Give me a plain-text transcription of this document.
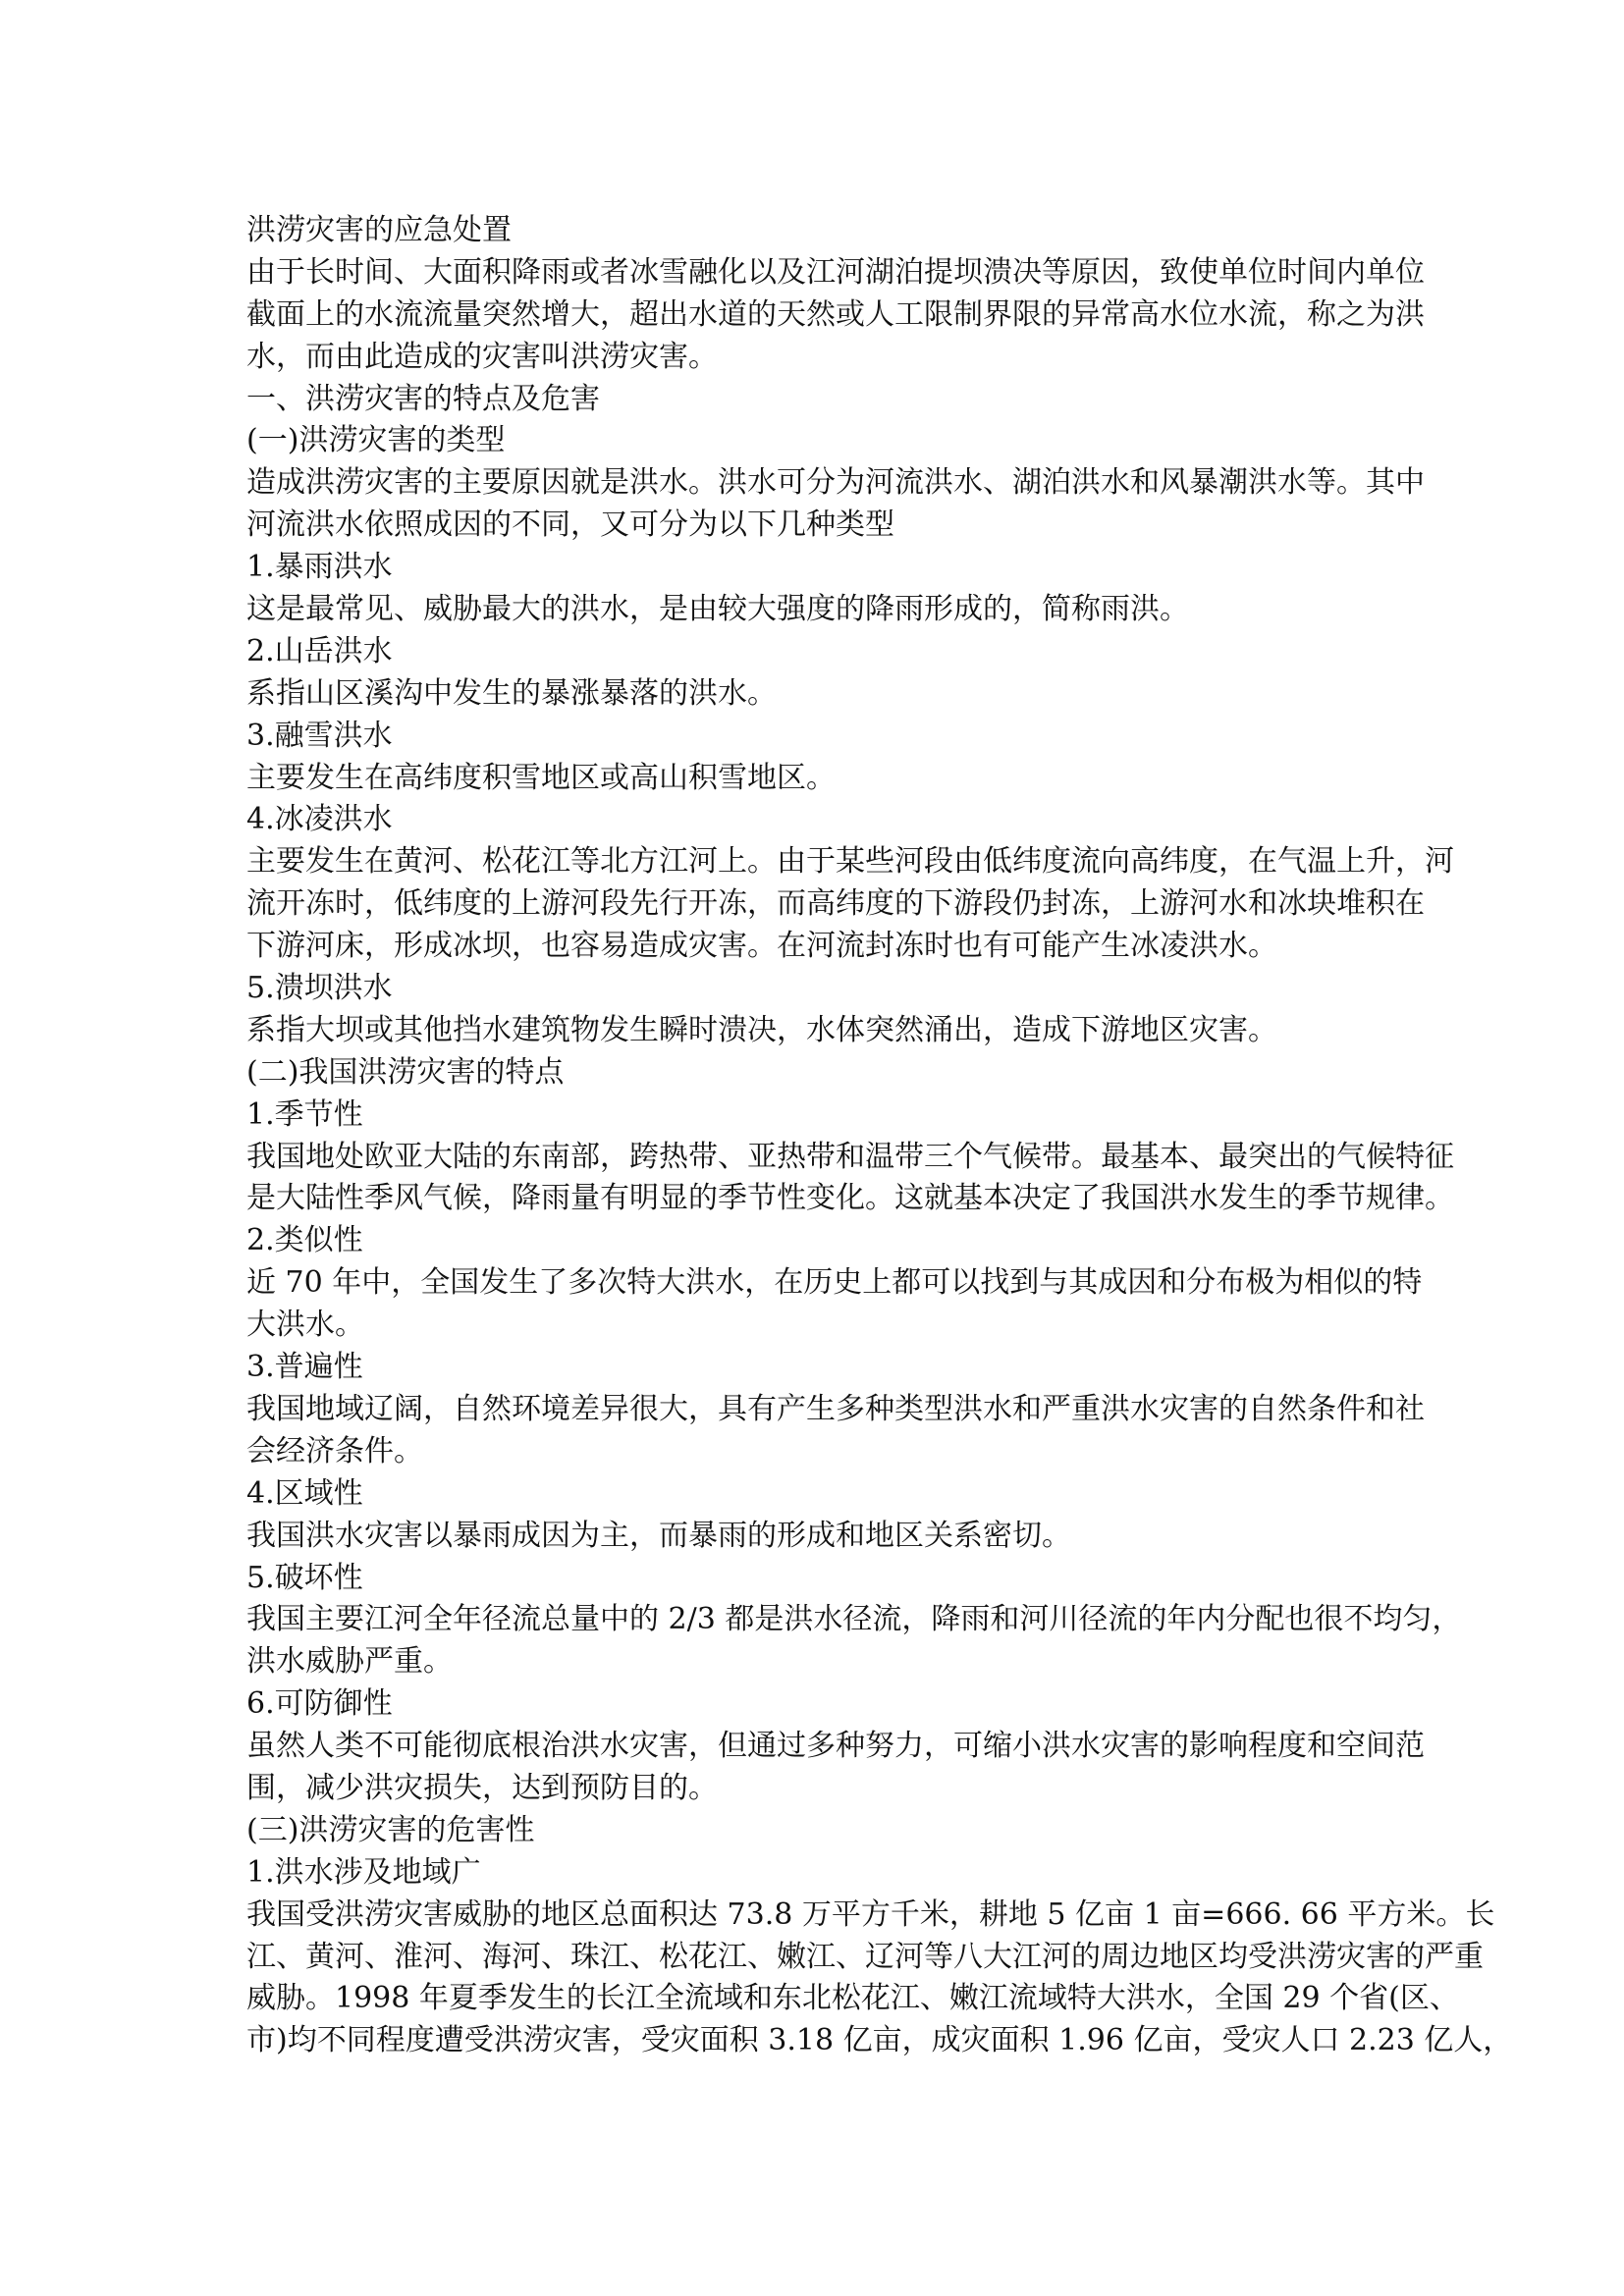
洪涝灾害的应急处置
由于长时间、大面积降雨或者冰雪融化以及江河湖泊提坝溃决等原因，致使单位时间内单位
截面上的水流流量突然增大，超出水道的天然或人工限制界限的异常高水位水流，称之为洪
水，而由此造成的灾害叫洪涝灾害。
一、洪涝灾害的特点及危害
(一)洪涝灾害的类型
造成洪涝灾害的主要原因就是洪水。洪水可分为河流洪水、湖泊洪水和风暴潮洪水等。其中
河流洪水依照成因的不同，又可分为以下几种类型
1.暴雨洪水
这是最常见、威胁最大的洪水，是由较大强度的降雨形成的，简称雨洪。
2.山岳洪水
系指山区溪沟中发生的暴涨暴落的洪水。
3.融雪洪水
主要发生在高纬度积雪地区或高山积雪地区。
4.冰凌洪水
主要发生在黄河、松花江等北方江河上。由于某些河段由低纬度流向高纬度，在气温上升，河
流开冻时，低纬度的上游河段先行开冻，而高纬度的下游段仍封冻，上游河水和冰块堆积在
下游河床，形成冰坝，也容易造成灾害。在河流封冻时也有可能产生冰凌洪水。
5.溃坝洪水
系指大坝或其他挡水建筑物发生瞬时溃决，水体突然涌出，造成下游地区灾害。
(二)我国洪涝灾害的特点
1.季节性
我国地处欧亚大陆的东南部，跨热带、亚热带和温带三个气候带。最基本、最突出的气候特征
是大陆性季风气候，降雨量有明显的季节性变化。这就基本决定了我国洪水发生的季节规律。
2.类似性
近 70 年中，全国发生了多次特大洪水，在历史上都可以找到与其成因和分布极为相似的特
大洪水。
3.普遍性
我国地域辽阔，自然环境差异很大，具有产生多种类型洪水和严重洪水灾害的自然条件和社
会经济条件。
4.区域性
我国洪水灾害以暴雨成因为主，而暴雨的形成和地区关系密切。
5.破坏性
我国主要江河全年径流总量中的 2/3 都是洪水径流，降雨和河川径流的年内分配也很不均匀，
洪水威胁严重。
6.可防御性
虽然人类不可能彻底根治洪水灾害，但通过多种努力，可缩小洪水灾害的影响程度和空间范
围，减少洪灾损失，达到预防目的。
(三)洪涝灾害的危害性
1.洪水涉及地域广
我国受洪涝灾害威胁的地区总面积达 73.8 万平方千米，耕地 5 亿亩 1 亩=666. 66 平方米。长
江、黄河、淮河、海河、珠江、松花江、嫩江、辽河等八大江河的周边地区均受洪涝灾害的严重
威胁。1998 年夏季发生的长江全流域和东北松花江、嫩江流域特大洪水，全国 29 个省(区、
市)均不同程度遭受洪涝灾害，受灾面积 3.18 亿亩，成灾面积 1.96 亿亩，受灾人口 2.23 亿人，
